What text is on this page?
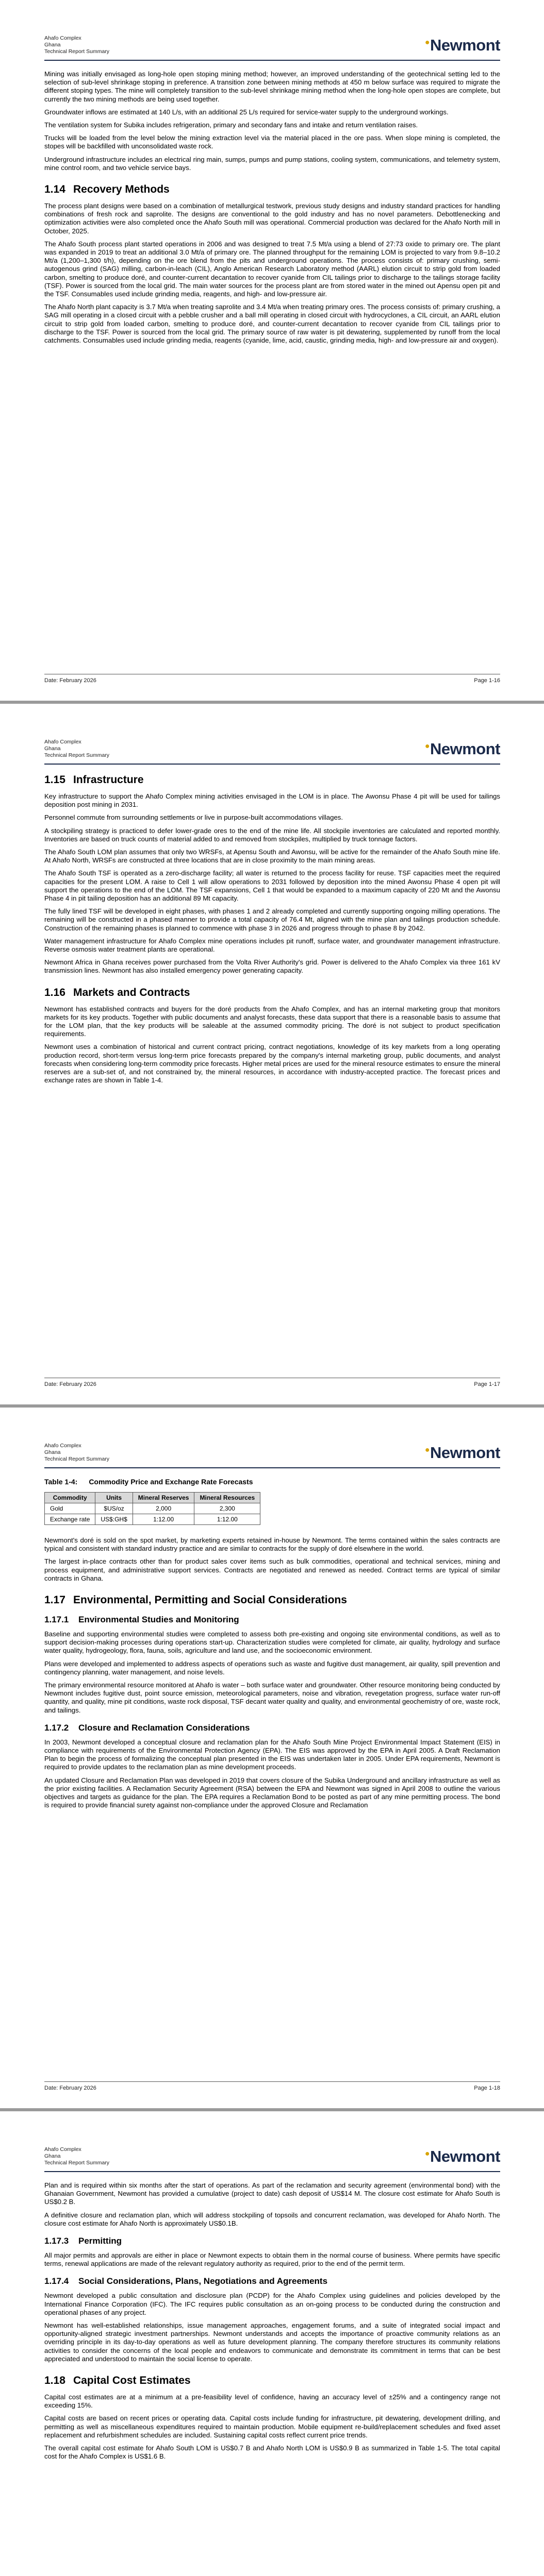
Ahafo Complex
Ghana
Technical Report Summary
●Newmont

Mining was initially envisaged as long-hole open stoping mining method; however, an improved understanding of the geotechnical setting led to the selection of sub-level shrinkage stoping in preference. A transition zone between mining methods at 450 m below surface was required to migrate the different stoping types. The mine will completely transition to the sub-level shrinkage mining method when the long-hole open stopes are complete, but currently the two mining methods are being used together.

Groundwater inflows are estimated at 140 L/s, with an additional 25 L/s required for service-water supply to the underground workings.

The ventilation system for Subika includes refrigeration, primary and secondary fans and intake and return ventilation raises.

Trucks will be loaded from the level below the mining extraction level via the material placed in the ore pass. When slope mining is completed, the stopes will be backfilled with unconsolidated waste rock.

Underground infrastructure includes an electrical ring main, sumps, pumps and pump stations, cooling system, communications, and telemetry system, mine control room, and two vehicle service bays.

1.14 Recovery Methods

The process plant designs were based on a combination of metallurgical testwork, previous study designs and industry standard practices for handling combinations of fresh rock and saprolite. The designs are conventional to the gold industry and has no novel parameters. Debottlenecking and optimization activities were also completed once the Ahafo South mill was operational. Commercial production was declared for the Ahafo North mill in October, 2025.

The Ahafo South process plant started operations in 2006 and was designed to treat 7.5 Mt/a using a blend of 27:73 oxide to primary ore. The plant was expanded in 2019 to treat an additional 3.0 Mt/a of primary ore. The planned throughput for the remaining LOM is projected to vary from 9.8–10.2 Mt/a (1,200–1,300 t/h), depending on the ore blend from the pits and underground operations. The process consists of: primary crushing, semi-autogenous grind (SAG) milling, carbon-in-leach (CIL), Anglo American Research Laboratory method (AARL) elution circuit to strip gold from loaded carbon, smelting to produce doré, and counter-current decantation to recover cyanide from CIL tailings prior to discharge to the tailings storage facility (TSF). Power is sourced from the local grid. The main water sources for the process plant are from stored water in the mined out Apensu open pit and the TSF. Consumables used include grinding media, reagents, and high- and low-pressure air.

The Ahafo North plant capacity is 3.7 Mt/a when treating saprolite and 3.4 Mt/a when treating primary ores. The process consists of: primary crushing, a SAG mill operating in a closed circuit with a pebble crusher and a ball mill operating in closed circuit with hydrocyclones, a CIL circuit, an AARL elution circuit to strip gold from loaded carbon, smelting to produce doré, and counter-current decantation to recover cyanide from CIL tailings prior to discharge to the TSF. Power is sourced from the local grid. The primary source of raw water is pit dewatering, supplemented by runoff from the local catchments. Consumables used include grinding media, reagents (cyanide, lime, acid, caustic, grinding media, high- and low-pressure air and oxygen).

Date: February 2026	Page 1-16
Ahafo Complex
Ghana
Technical Report Summary
●Newmont
1.15 Infrastructure

Key infrastructure to support the Ahafo Complex mining activities envisaged in the LOM is in place. The Awonsu Phase 4 pit will be used for tailings deposition post mining in 2031.

Personnel commute from surrounding settlements or live in purpose-built accommodations villages.

A stockpiling strategy is practiced to defer lower-grade ores to the end of the mine life. All stockpile inventories are calculated and reported monthly. Inventories are based on truck counts of material added to and removed from stockpiles, multiplied by truck tonnage factors.

The Ahafo South LOM plan assumes that only two WRSFs, at Apensu South and Awonsu, will be active for the remainder of the Ahafo South mine life. At Ahafo North, WRSFs are constructed at three locations that are in close proximity to the main mining areas.

The Ahafo South TSF is operated as a zero-discharge facility; all water is returned to the process facility for reuse. TSF capacities meet the required capacities for the present LOM. A raise to Cell 1 will allow operations to 2031 followed by deposition into the mined Awonsu Phase 4 open pit will support the operations to the end of the LOM. The TSF expansions, Cell 1 that would be expanded to a maximum capacity of 220 Mt and the Awonsu Phase 4 in pit tailing deposition has an additional 89 Mt capacity.

The fully lined TSF will be developed in eight phases, with phases 1 and 2 already completed and currently supporting ongoing milling operations. The remaining will be constructed in a phased manner to provide a total capacity of 76.4 Mt, aligned with the mine plan and tailings production schedule. Construction of the remaining phases is planned to commence with phase 3 in 2026 and progress through to phase 8 by 2042.

Water management infrastructure for Ahafo Complex mine operations includes pit runoff, surface water, and groundwater management infrastructure. Reverse osmosis water treatment plants are operational.

Newmont Africa in Ghana receives power purchased from the Volta River Authority's grid. Power is delivered to the Ahafo Complex via three 161 kV transmission lines. Newmont has also installed emergency power generating capacity.

1.16 Markets and Contracts

Newmont has established contracts and buyers for the doré products from the Ahafo Complex, and has an internal marketing group that monitors markets for its key products. Together with public documents and analyst forecasts, these data support that there is a reasonable basis to assume that for the LOM plan, that the key products will be saleable at the assumed commodity pricing. The doré is not subject to product specification requirements.

Newmont uses a combination of historical and current contract pricing, contract negotiations, knowledge of its key markets from a long operating production record, short-term versus long-term price forecasts prepared by the company's internal marketing group, public documents, and analyst forecasts when considering long-term commodity price forecasts. Higher metal prices are used for the mineral resource estimates to ensure the mineral reserves are a sub-set of, and not constrained by, the mineral resources, in accordance with industry-accepted practice. The forecast prices and exchange rates are shown in Table 1-4.

Date: February 2026	Page 1-17
Ahafo Complex
Ghana
Technical Report Summary
●Newmont
Table 1-4: Commodity Price and Exchange Rate Forecasts
Commodity	Units	Mineral Reserves	Mineral Resources
Gold	$US/oz	2,000	2,300
Exchange rate	US$:GH$	1:12.00	1:12.00

Newmont's doré is sold on the spot market, by marketing experts retained in-house by Newmont. The terms contained within the sales contracts are typical and consistent with standard industry practice and are similar to contracts for the supply of doré elsewhere in the world.

The largest in-place contracts other than for product sales cover items such as bulk commodities, operational and technical services, mining and process equipment, and administrative support services. Contracts are negotiated and renewed as needed. Contract terms are typical of similar contracts in Ghana.

1.17 Environmental, Permitting and Social Considerations
1.17.1 Environmental Studies and Monitoring

Baseline and supporting environmental studies were completed to assess both pre-existing and ongoing site environmental conditions, as well as to support decision-making processes during operations start-up. Characterization studies were completed for climate, air quality, hydrology and surface water quality, hydrogeology, flora, fauna, soils, agriculture and land use, and the socioeconomic environment.

Plans were developed and implemented to address aspects of operations such as waste and fugitive dust management, air quality, spill prevention and contingency planning, water management, and noise levels.

The primary environmental resource monitored at Ahafo is water – both surface water and groundwater. Other resource monitoring being conducted by Newmont includes fugitive dust, point source emission, meteorological parameters, noise and vibration, revegetation progress, surface water run-off quantity, and quality, mine pit conditions, waste rock disposal, TSF decant water quality and quality, and environmental geochemistry of ore, waste rock, and tailings.

1.17.2 Closure and Reclamation Considerations

In 2003, Newmont developed a conceptual closure and reclamation plan for the Ahafo South Mine Project Environmental Impact Statement (EIS) in compliance with requirements of the Environmental Protection Agency (EPA). The EIS was approved by the EPA in April 2005. A Draft Reclamation Plan to begin the process of formalizing the conceptual plan presented in the EIS was undertaken later in 2005. Under EPA requirements, Newmont is required to provide updates to the reclamation plan as mine development proceeds.

An updated Closure and Reclamation Plan was developed in 2019 that covers closure of the Subika Underground and ancillary infrastructure as well as the prior existing facilities. A Reclamation Security Agreement (RSA) between the EPA and Newmont was signed in April 2008 to outline the various objectives and targets as guidance for the plan. The EPA requires a Reclamation Bond to be posted as part of any mine permitting process. The bond is required to provide financial surety against non-compliance under the approved Closure and Reclamation

Date: February 2026	Page 1-18
Ahafo Complex
Ghana
Technical Report Summary
●Newmont

Plan and is required within six months after the start of operations. As part of the reclamation and security agreement (environmental bond) with the Ghanaian Government, Newmont has provided a cumulative (project to date) cash deposit of US$14 M. The closure cost estimate for Ahafo South is US$0.2 B.

A definitive closure and reclamation plan, which will address stockpiling of topsoils and concurrent reclamation, was developed for Ahafo North. The closure cost estimate for Ahafo North is approximately US$0.1B.

1.17.3 Permitting

All major permits and approvals are either in place or Newmont expects to obtain them in the normal course of business. Where permits have specific terms, renewal applications are made of the relevant regulatory authority as required, prior to the end of the permit term.

1.17.4 Social Considerations, Plans, Negotiations and Agreements

Newmont developed a public consultation and disclosure plan (PCDP) for the Ahafo Complex using guidelines and policies developed by the International Finance Corporation (IFC). The IFC requires public consultation as an on-going process to be conducted during the construction and operational phases of any project.

Newmont has well-established relationships, issue management approaches, engagement forums, and a suite of integrated social impact and opportunity-aligned strategic investment partnerships. Newmont understands and accepts the importance of proactive community relations as an overriding principle in its day-to-day operations as well as future development planning. The company therefore structures its community relations activities to consider the concerns of the local people and endeavors to communicate and demonstrate its commitment in terms that can be best appreciated and understood to maintain the social license to operate.

1.18 Capital Cost Estimates

Capital cost estimates are at a minimum at a pre-feasibility level of confidence, having an accuracy level of ±25% and a contingency range not exceeding 15%.

Capital costs are based on recent prices or operating data. Capital costs include funding for infrastructure, pit dewatering, development drilling, and permitting as well as miscellaneous expenditures required to maintain production. Mobile equipment re-build/replacement schedules and fixed asset replacement and refurbishment schedules are included. Sustaining capital costs reflect current price trends.

The overall capital cost estimate for Ahafo South LOM is US$0.7 B and Ahafo North LOM is US$0.9 B as summarized in Table 1-5. The total capital cost for the Ahafo Complex is US$1.6 B.
